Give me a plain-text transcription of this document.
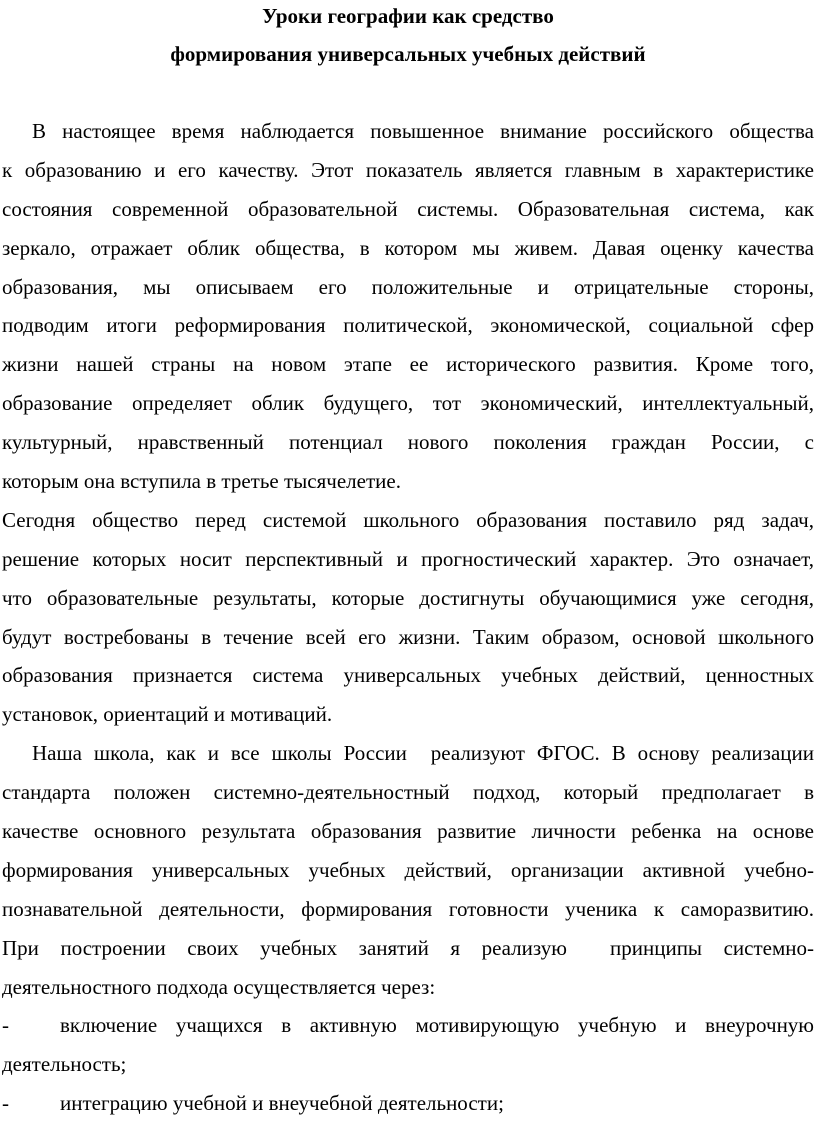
Уроки географии как средство
формирования универсальных учебных действий
В настоящее время наблюдается повышенное внимание российского общества
к образованию и его качеству. Этот показатель является главным в характеристике
состояния современной образовательной системы. Образовательная система, как
зеркало, отражает облик общества, в котором мы живем. Давая оценку качества
образования, мы описываем его положительные и отрицательные стороны,
подводим итоги реформирования политической, экономической, социальной сфер
жизни нашей страны на новом этапе ее исторического развития. Кроме того,
образование определяет облик будущего, тот экономический, интеллектуальный,
культурный, нравственный потенциал нового поколения граждан России, с
которым она вступила в третье тысячелетие.
Сегодня общество перед системой школьного образования поставило ряд задач,
решение которых носит перспективный и прогностический характер. Это означает,
что образовательные результаты, которые достигнуты обучающимися уже сегодня,
будут востребованы в течение всей его жизни. Таким образом, основой школьного
образования признается система универсальных учебных действий, ценностных
установок, ориентаций и мотиваций.
Наша школа, как и все школы России  реализуют ФГОС. В основу реализации
стандарта положен системно-деятельностный подход, который предполагает в
качестве основного результата образования развитие личности ребенка на основе
формирования универсальных учебных действий, организации активной учебно-
познавательной деятельности, формирования готовности ученика к саморазвитию.
При построении своих учебных занятий я реализую  принципы системно-
деятельностного подхода осуществляется через:
-	включение учащихся в активную мотивирующую учебную и внеурочную
деятельность;
-	интеграцию учебной и внеучебной деятельности;
